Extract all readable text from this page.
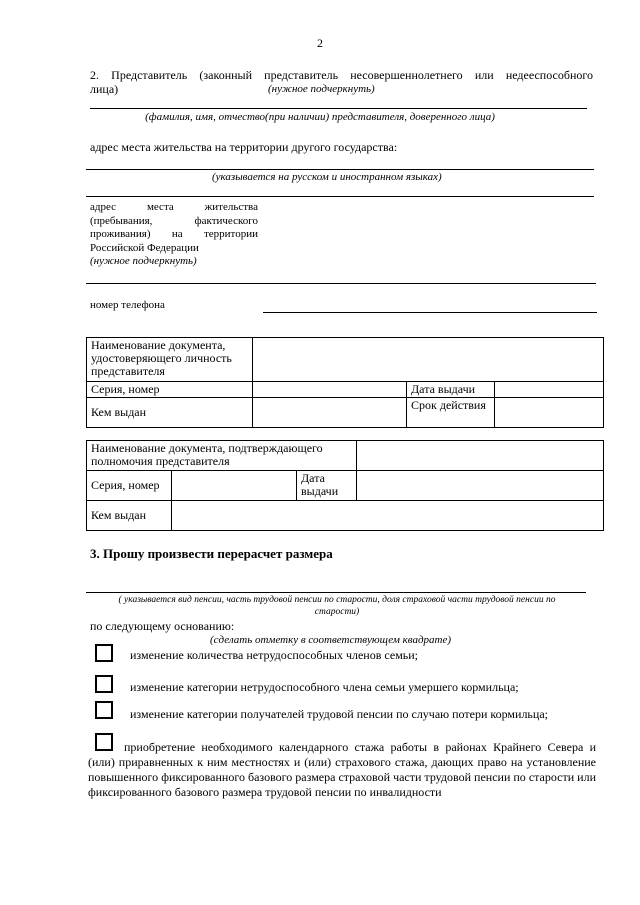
2
2. Представитель (законный представитель несовершеннолетнего или недееспособного
лица)	(нужное подчеркнуть)
(фамилия, имя, отчество(при наличии) представителя, доверенного лица)
адрес места жительства на территории другого государства:
(указывается на русском и иностранном языках)
адрес места жительства
(пребывания, фактического
проживания) на территории
Российской Федерации
(нужное подчеркнуть)
номер телефона
Наименование документа, удостоверяющего личность представителя			
Серия, номер		Дата выдачи	
Кем выдан		Срок действия	
Наименование документа, подтверждающего полномочия представителя			
Серия, номер		Дата выдачи	
Кем выдан			
3. Прошу произвести перерасчет размера
( указывается вид пенсии, часть трудовой пенсии по старости, доля страховой части трудовой пенсии по
старости)
по следующему основанию:
(сделать отметку в соответствующем квадрате)
изменение количества нетрудоспособных членов семьи;
изменение категории нетрудоспособного члена семьи умершего кормильца;
изменение категории получателей трудовой пенсии по случаю потери кормильца;
приобретение необходимого календарного стажа работы в районах Крайнего Севера и (или) приравненных к ним местностях и (или) страхового стажа, дающих право на установление повышенного фиксированного базового размера страховой части трудовой пенсии по старости или фиксированного базового размера трудовой пенсии по инвалидности
